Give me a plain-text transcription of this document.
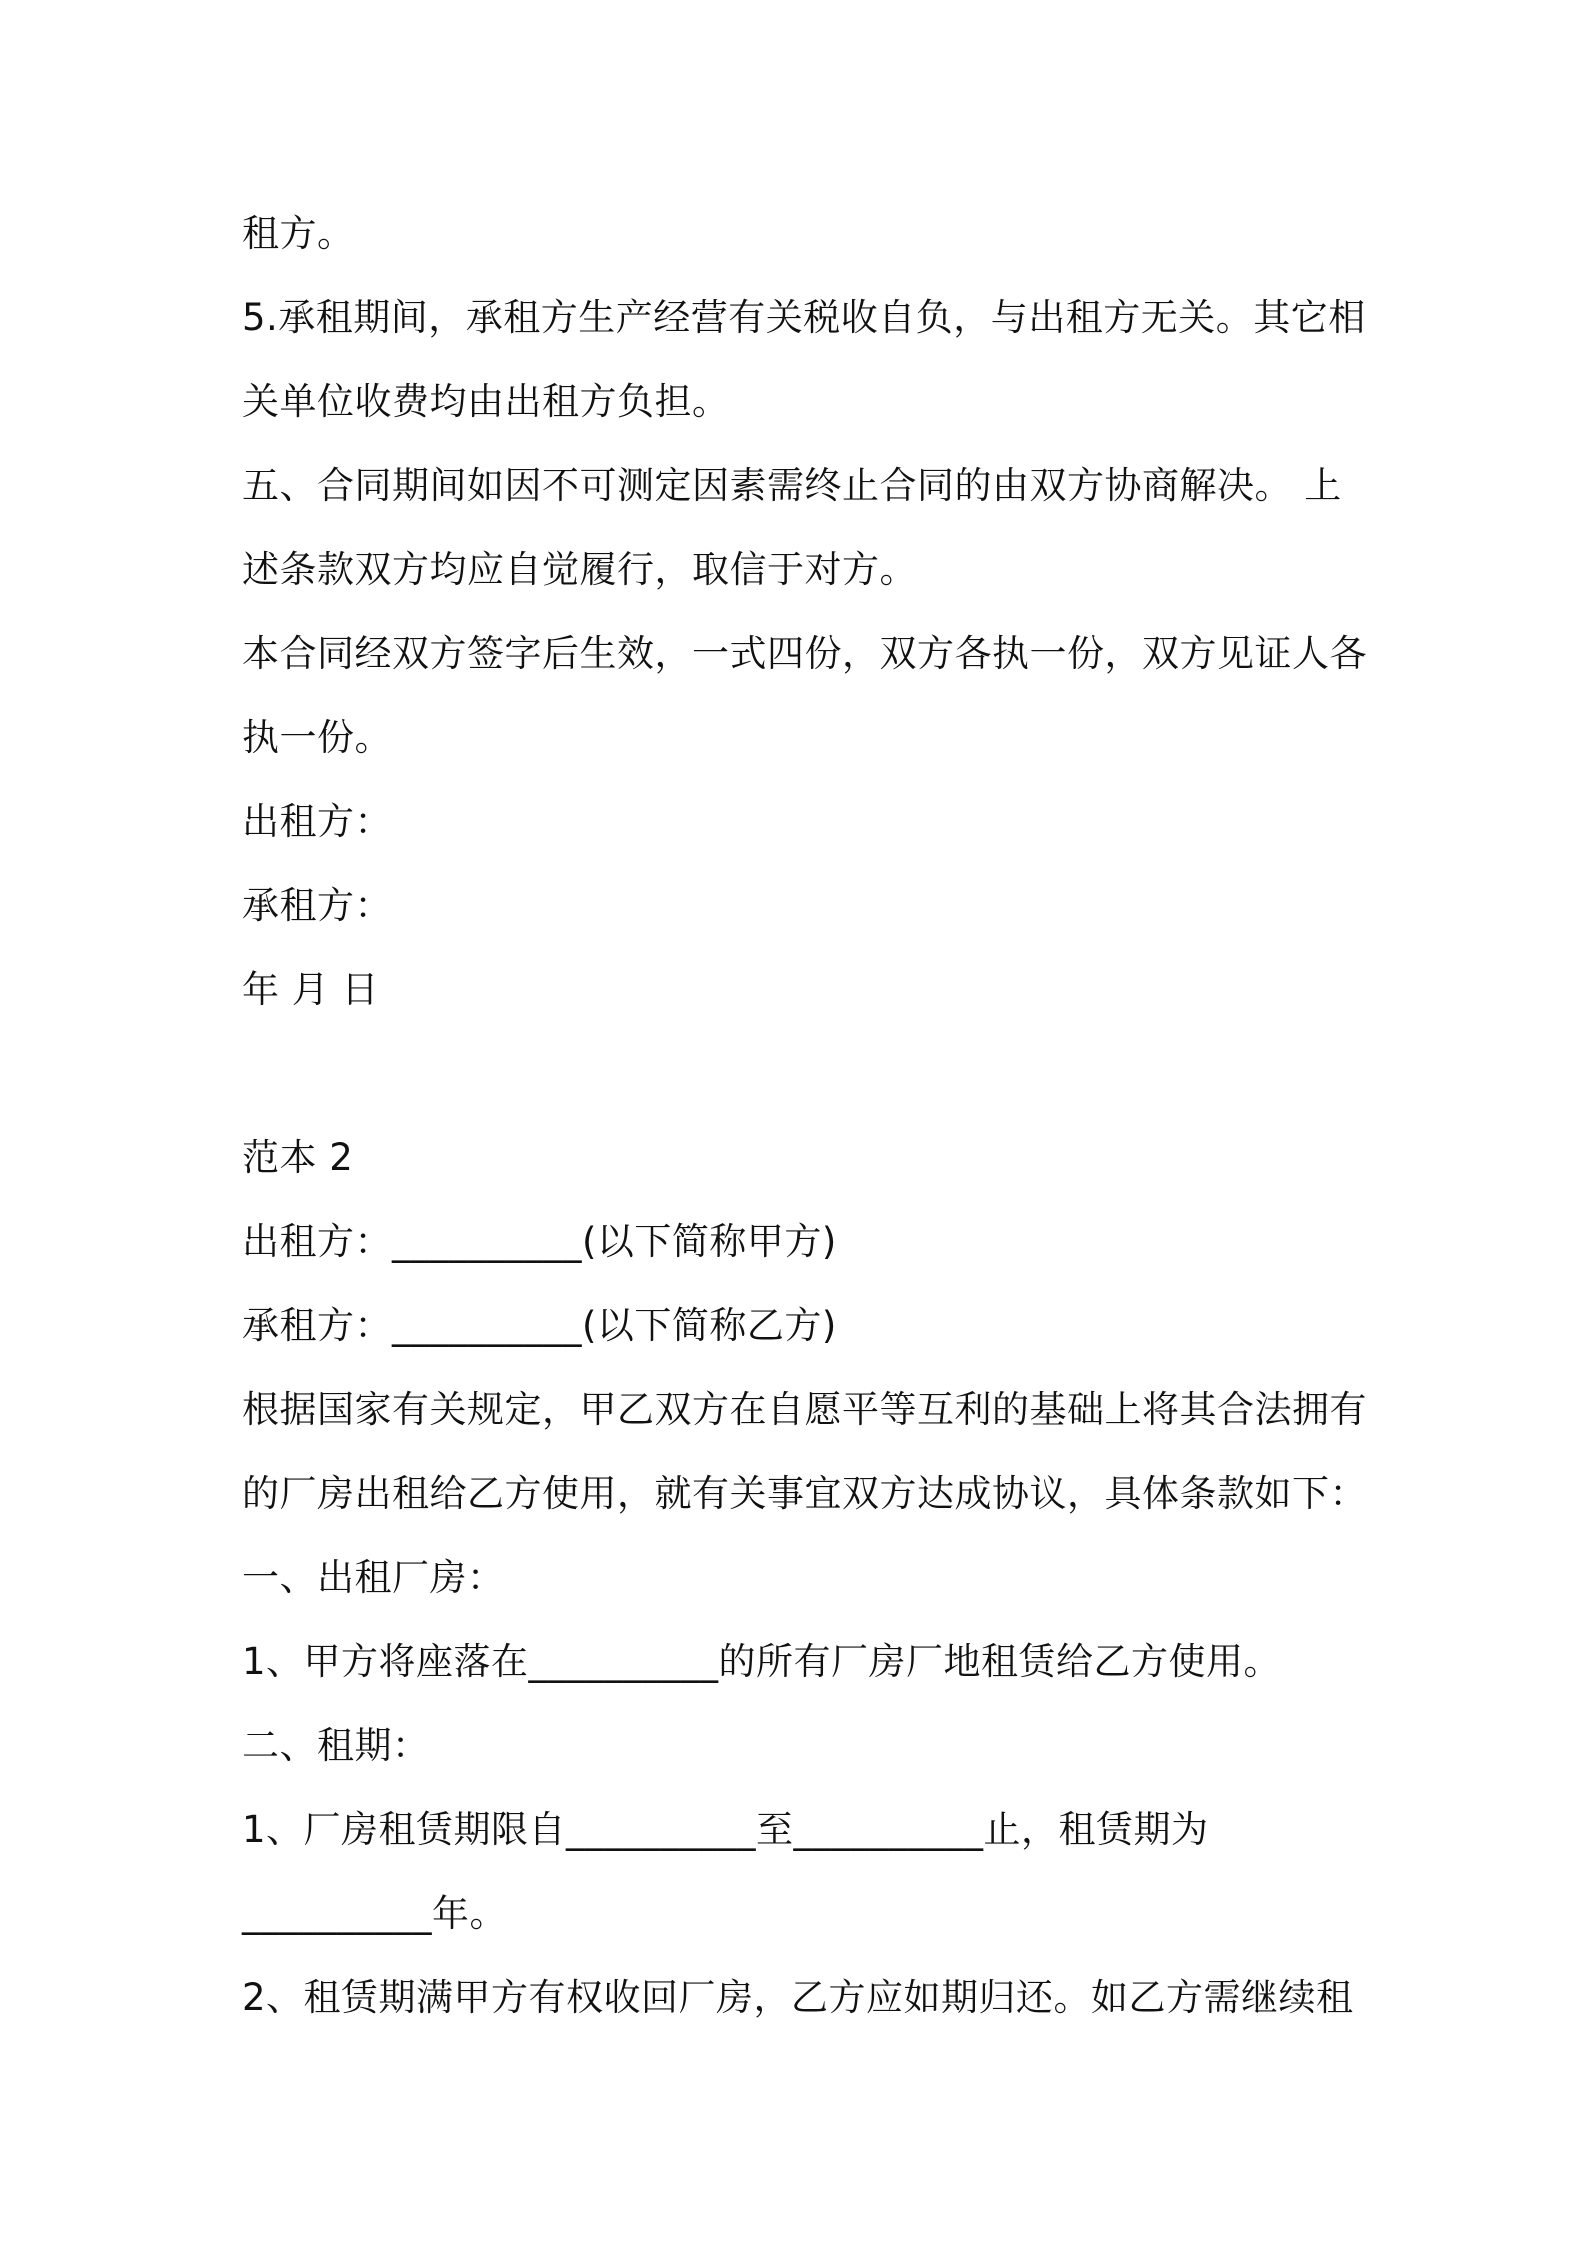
租方。
5.承租期间，承租方生产经营有关税收自负，与出租方无关。其它相
关单位收费均由出租方负担。
五、合同期间如因不可测定因素需终止合同的由双方协商解决。 上
述条款双方均应自觉履行，取信于对方。
本合同经双方签字后生效，一式四份，双方各执一份，双方见证人各
执一份。
出租方：
承租方：
年 月 日
范本 2
出租方：__________(以下简称甲方)
承租方：__________(以下简称乙方)
根据国家有关规定，甲乙双方在自愿平等互利的基础上将其合法拥有
的厂房出租给乙方使用，就有关事宜双方达成协议，具体条款如下：
一、出租厂房：
1、甲方将座落在__________的所有厂房厂地租赁给乙方使用。
二、租期：
1、厂房租赁期限自__________至__________止，租赁期为
__________年。
2、租赁期满甲方有权收回厂房，乙方应如期归还。如乙方需继续租
